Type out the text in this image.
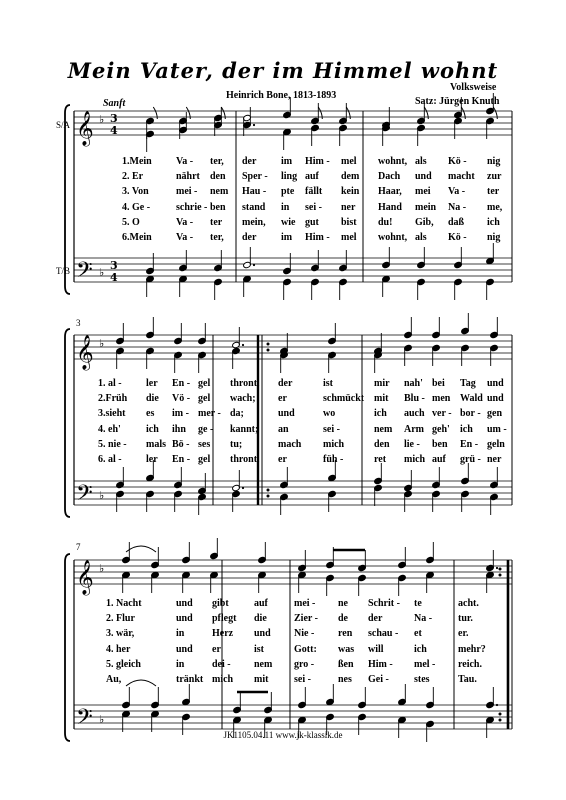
Mein Vater, der im Himmel wohnt
Heinrich Bone, 1813-1893
Volksweise
Satz: Jürgen Knuth
Sanft
S/A
T/B
3
7
𝄞
𝄢
♭
♭
3
4
3
4
𝄞
𝄢
♭
♭
𝄞
𝄢
♭
♭
1.Mein Va - ter, der im Him - mel wohnt, als Kö - nig
2. Er	nährt den Sper - ling auf dem Dach und macht zur
3. Von	mei - nem Hau - pte fällt kein Haar, mei Va - ter
4. Ge -	schrie - ben stand in sei - ner Hand mein Na - me,
5. O	Va - ter mein, wie gut bist du! Gib, daß ich
6.Mein Va - ter, der im Him - mel wohnt, als Kö - nig
1. al - ler En - gel thront, der	ist	mir nah' bei Tag und
2.Früh die Vö - gel wach; er	schmückt mit Blu - men Wald und
3.sieht es im - mer - da;	und	wo	ich auch ver - bor - gen
4. eh'	ich ihn ge - kannt; an	sei -	nem Arm geh' ich um -
5. nie - mals Bö - ses tu;	mach mich	den lie - ben En - geln
6. al - ler En - gel thront, er	füh -	ret mich auf grü - ner
1. Nacht	und gibt	auf	mei - ne Schrit - te	acht.
2. Flur	und pflegt die	Zier - de der	Na -	tur.
3. wär,	in	Herz und Nie - ren schau - et	er.
4. her	und er	ist	Gott: was will	ich	mehr?
5. gleich	in	dei - nem gro - ßen Him - mel - reich.
Au,	tränkt mich mit	sei -	nes Gei -	stes	Tau.
JK1105.04.11 www.jk-klassik.de
